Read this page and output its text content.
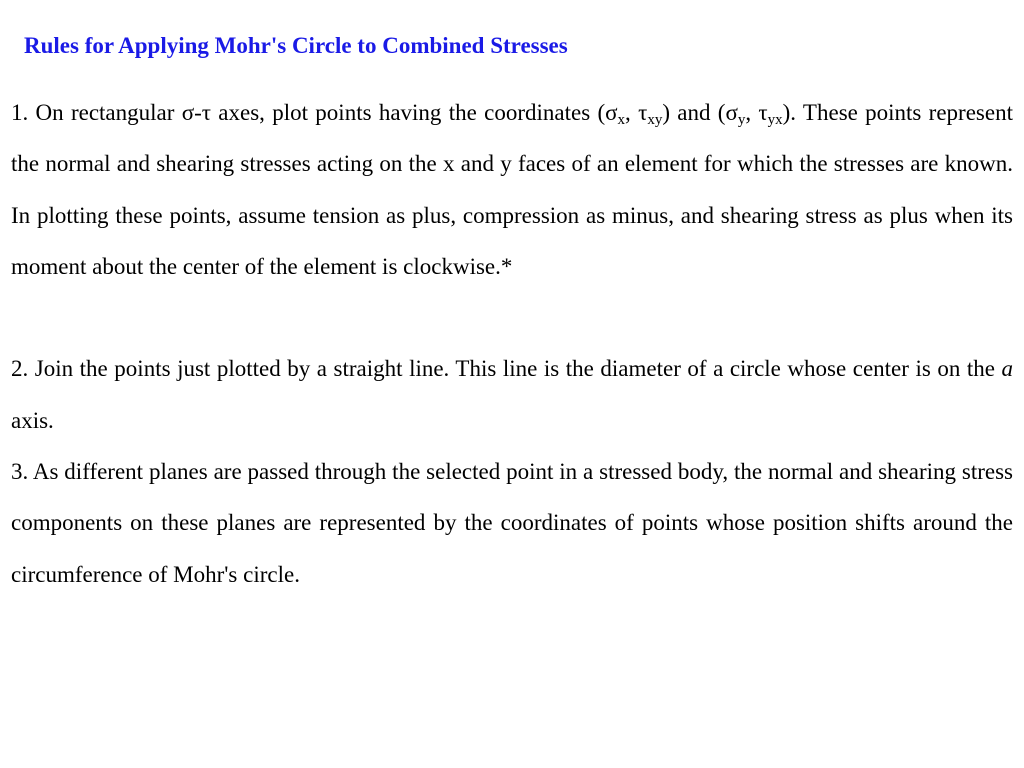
Rules for Applying Mohr's Circle to Combined Stresses

1. On rectangular σ-τ axes, plot points having the coordinates ($\sigma_x$, $\tau_{xy}$) and ($\sigma_y$, $\tau_{yx}$). These points represent the normal and shearing stresses acting on the x and y faces of an element for which the stresses are known. In plotting these points, assume tension as plus, compression as minus, and shearing stress as plus when its moment about the center of the element is clockwise.*

2. Join the points just plotted by a straight line. This line is the diameter of a circle whose center is on the a axis.

3. As different planes are passed through the selected point in a stressed body, the normal and shearing stress components on these planes are represented by the coordinates of points whose position shifts around the circumference of Mohr's circle.
